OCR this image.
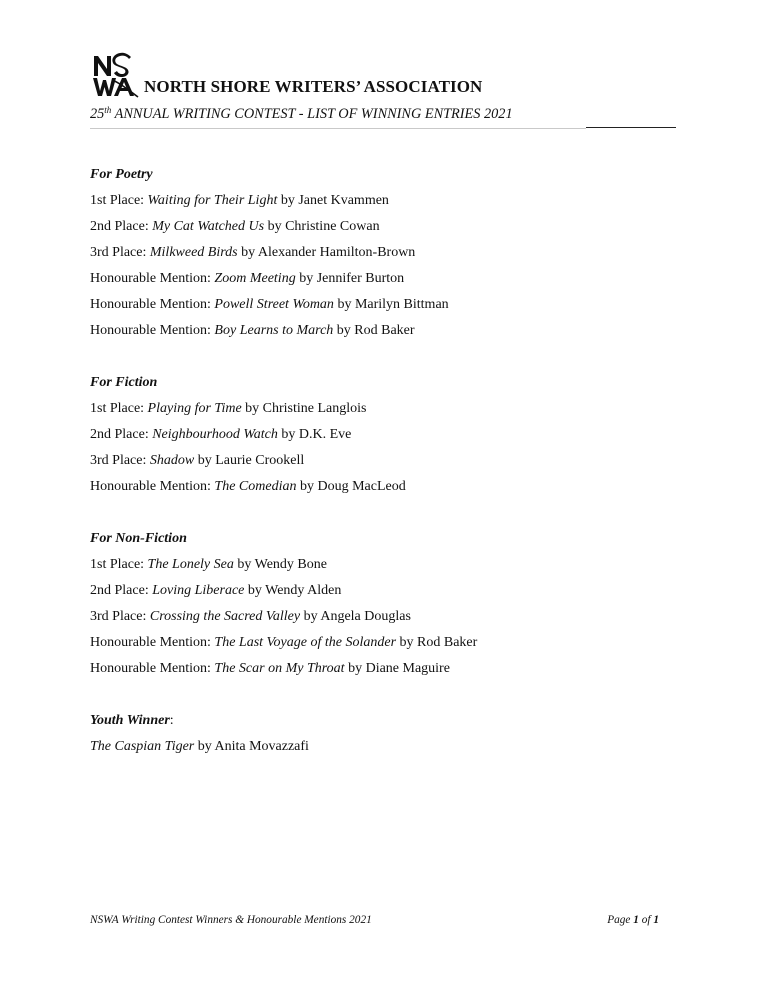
NORTH SHORE WRITERS’ ASSOCIATION
25th ANNUAL WRITING CONTEST - LIST OF WINNING ENTRIES 2021
For Poetry
1st Place: Waiting for Their Light by Janet Kvammen
2nd Place: My Cat Watched Us by Christine Cowan
3rd Place: Milkweed Birds by Alexander Hamilton-Brown
Honourable Mention: Zoom Meeting by Jennifer Burton
Honourable Mention: Powell Street Woman by Marilyn Bittman
Honourable Mention: Boy Learns to March by Rod Baker
For Fiction
1st Place: Playing for Time by Christine Langlois
2nd Place: Neighbourhood Watch by D.K. Eve
3rd Place: Shadow by Laurie Crookell
Honourable Mention: The Comedian by Doug MacLeod
For Non-Fiction
1st Place: The Lonely Sea by Wendy Bone
2nd Place: Loving Liberace by Wendy Alden
3rd Place: Crossing the Sacred Valley by Angela Douglas
Honourable Mention: The Last Voyage of the Solander by Rod Baker
Honourable Mention: The Scar on My Throat by Diane Maguire
Youth Winner:
The Caspian Tiger by Anita Movazzafi
NSWA Writing Contest Winners & Honourable Mentions 2021	Page 1 of 1
